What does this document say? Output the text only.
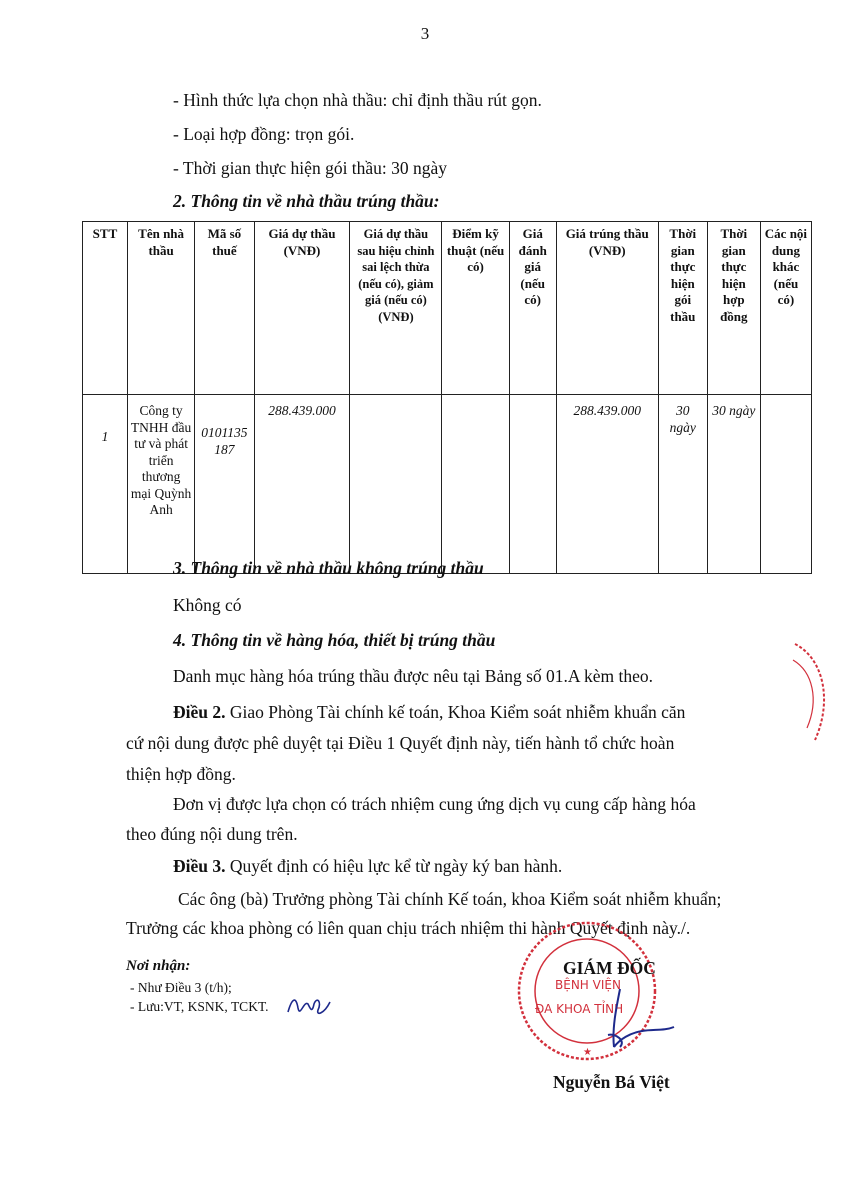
3
- Hình thức lựa chọn nhà thầu: chỉ định thầu rút gọn.
- Loại hợp đồng: trọn gói.
- Thời gian thực hiện gói thầu: 30 ngày
2. Thông tin về nhà thầu trúng thầu:
STT	Tên nhà thầu	Mã số thuế	Giá dự thầu (VNĐ)	Giá dự thầu sau hiệu chỉnh sai lệch thừa (nếu có), giảm giá (nếu có) (VNĐ)	Điểm kỹ thuật (nếu có)	Giá đánh giá (nếu có)	Giá trúng thầu (VNĐ)	Thời gian thực hiện gói thầu	Thời gian thực hiện hợp đồng	Các nội dung khác (nếu có)
1	Công ty TNHH đầu tư và phát triển thương mại Quỳnh Anh	0101135187	288.439.000				288.439.000	30 ngày	30 ngày	
3. Thông tin về nhà thầu không trúng thầu
Không có
4. Thông tin về hàng hóa, thiết bị trúng thầu
Danh mục hàng hóa trúng thầu được nêu tại Bảng số 01.A kèm theo.
Điều 2. Giao Phòng Tài chính kế toán, Khoa Kiểm soát nhiễm khuẩn căn
cứ nội dung được phê duyệt tại Điều 1 Quyết định này, tiến hành tổ chức hoàn
thiện hợp đồng.
Đơn vị được lựa chọn có trách nhiệm cung ứng dịch vụ cung cấp hàng hóa
theo đúng nội dung trên.
Điều 3. Quyết định có hiệu lực kể từ ngày ký ban hành.
Các ông (bà) Trưởng phòng Tài chính Kế toán, khoa Kiểm soát nhiễm khuẩn;
Trưởng các khoa phòng có liên quan chịu trách nhiệm thi hành Quyết định này./.
Nơi nhận:
- Như Điều 3 (t/h);
- Lưu:VT, KSNK, TCKT.
BỆNH VIỆN
ĐA KHOA TỈNH
★
GIÁM ĐỐC
Nguyễn Bá Việt
